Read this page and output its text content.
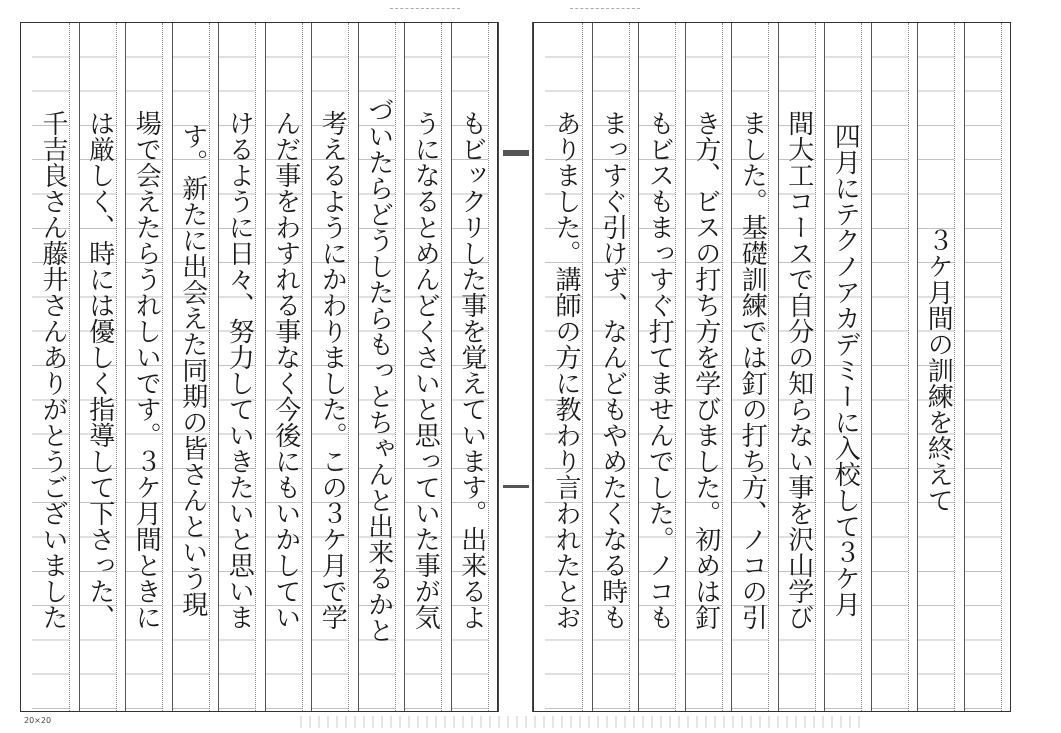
３ケ月間の訓練を終えて
四月にテクノアカデミーに入校して３ケ月
間大工コースで自分の知らない事を沢山学び
ました。基礎訓練では釘の打ち方、ノコの引
き方、ビスの打ち方を学びました。初めは釘
もビスもまっすぐ打てませんでした。ノコも
まっすぐ引けず、なんどもやめたくなる時も
ありました。講師の方に教わり言われたとお
もビックリした事を覚えています。出来るよ
うになるとめんどくさいと思っていた事が気
づいたらどうしたらもっとちゃんと出来るかと
考えるようにかわりました。この３ケ月で学
んだ事をわすれる事なく今後にもいかしてい
けるように日々、努力していきたいと思いま
す。新たに出会えた同期の皆さんという現
場で会えたらうれしいです。３ケ月間ときに
は厳しく、時には優しく指導して下さった、
千吉良さん藤井さんありがとうございました
20×20
